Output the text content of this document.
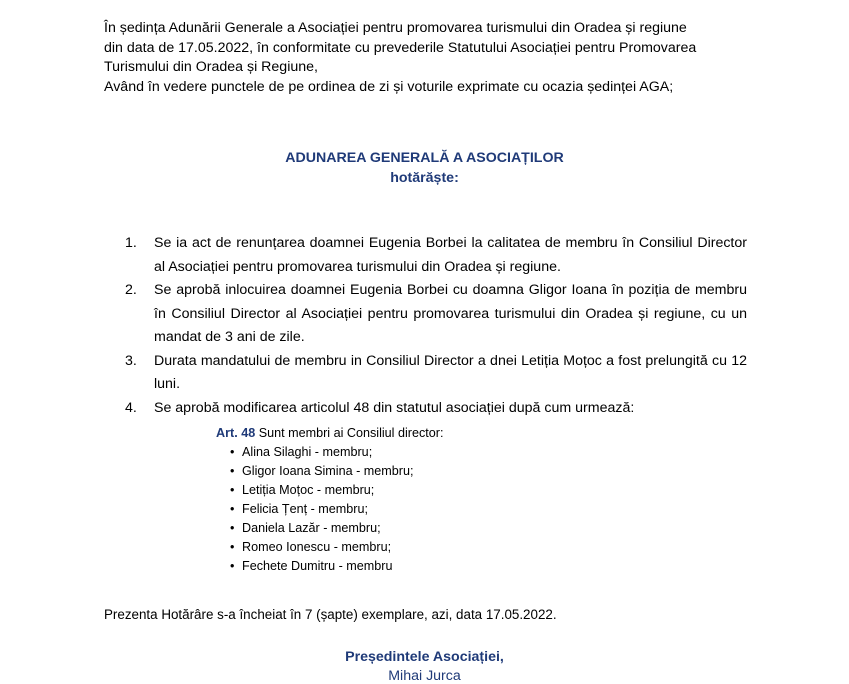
În ședința Adunării Generale a Asociației pentru promovarea turismului din Oradea și regiune

din data de 17.05.2022, în conformitate cu prevederile Statutului Asociației pentru Promovarea

Turismului din Oradea și Regiune,

Având în vedere punctele de pe ordinea de zi și voturile exprimate cu ocazia ședinței AGA;

ADUNAREA GENERALĂ A ASOCIAȚILOR
hotărăște:
1.	Se ia act de renunțarea doamnei Eugenia Borbei la calitatea de membru în Consiliul Director al Asociației pentru promovarea turismului din Oradea și regiune.
2.	Se aprobă inlocuirea doamnei Eugenia Borbei cu doamna Gligor Ioana în poziția de membru în Consiliul Director al Asociației pentru promovarea turismului din Oradea și regiune, cu un mandat de 3 ani de zile.
3.	Durata mandatului de membru in Consiliul Director a dnei Letiția Moțoc a fost prelungită cu 12 luni.
4.	Se aprobă modificarea articolul 48 din statutul asociației după cum urmează:
Art. 48 Sunt membri ai Consiliul director:
• Alina Silaghi - membru;
• Gligor Ioana Simina - membru;
• Letiția Moțoc - membru;
• Felicia Țenț - membru;
• Daniela Lazăr - membru;
• Romeo Ionescu - membru;
• Fechete Dumitru - membru
Prezenta Hotărâre s-a încheiat în 7 (șapte) exemplare, azi, data 17.05.2022.
Președintele Asociației,
Mihai Jurca
